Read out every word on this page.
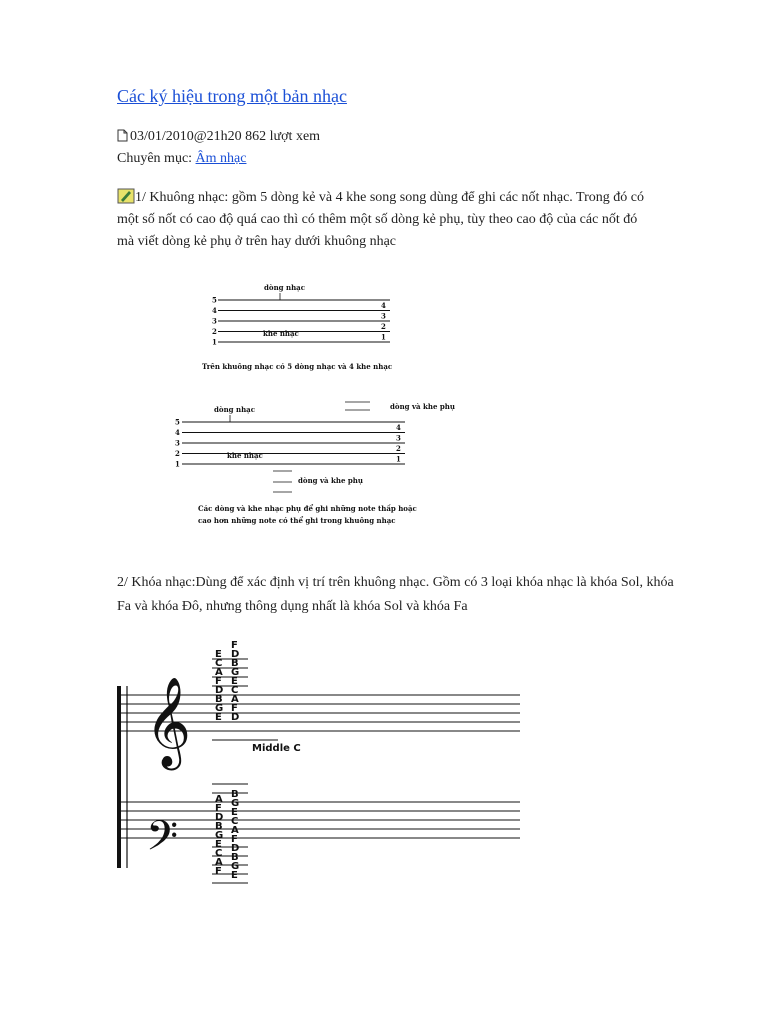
Các ký hiệu trong một bản nhạc
03/01/2010@21h20 862 lượt xem
Chuyên mục: Âm nhạc
1/ Khuông nhạc: gồm 5 dòng kẻ và 4 khe song song dùng để ghi các nốt nhạc. Trong đó có một số nốt có cao độ quá cao thì có thêm một số dòng kẻ phụ, tùy theo cao độ của các nốt đó mà viết dòng kẻ phụ ở trên hay dưới khuông nhạc
dòng nhạc
5
4
3
2
1
4
3
2
1
khe nhạc
Trên khuông nhạc có 5 dòng nhạc và 4 khe nhạc
dòng nhạc	dòng và khe phụ
5
4
3
2
1
4
3
2
1
khe nhạc
dòng và khe phụ
Các dòng và khe nhạc phụ để ghi những note thấp hoặc
cao hơn những note có thể ghi trong khuông nhạc
2/ Khóa nhạc:Dùng để xác định vị trí trên khuông nhạc. Gồm có 3 loại khóa nhạc là khóa Sol, khóa Fa và khóa Đô, nhưng thông dụng nhất là khóa Sol và khóa Fa
𝄞
𝄢
F
D
B
G
E
C
A
F
D
E
C
A
F
D
B
G
E
B
G
E
C
A
F
D
B
G
E
A
F
D
B
G
E
C
A
F
Middle C
